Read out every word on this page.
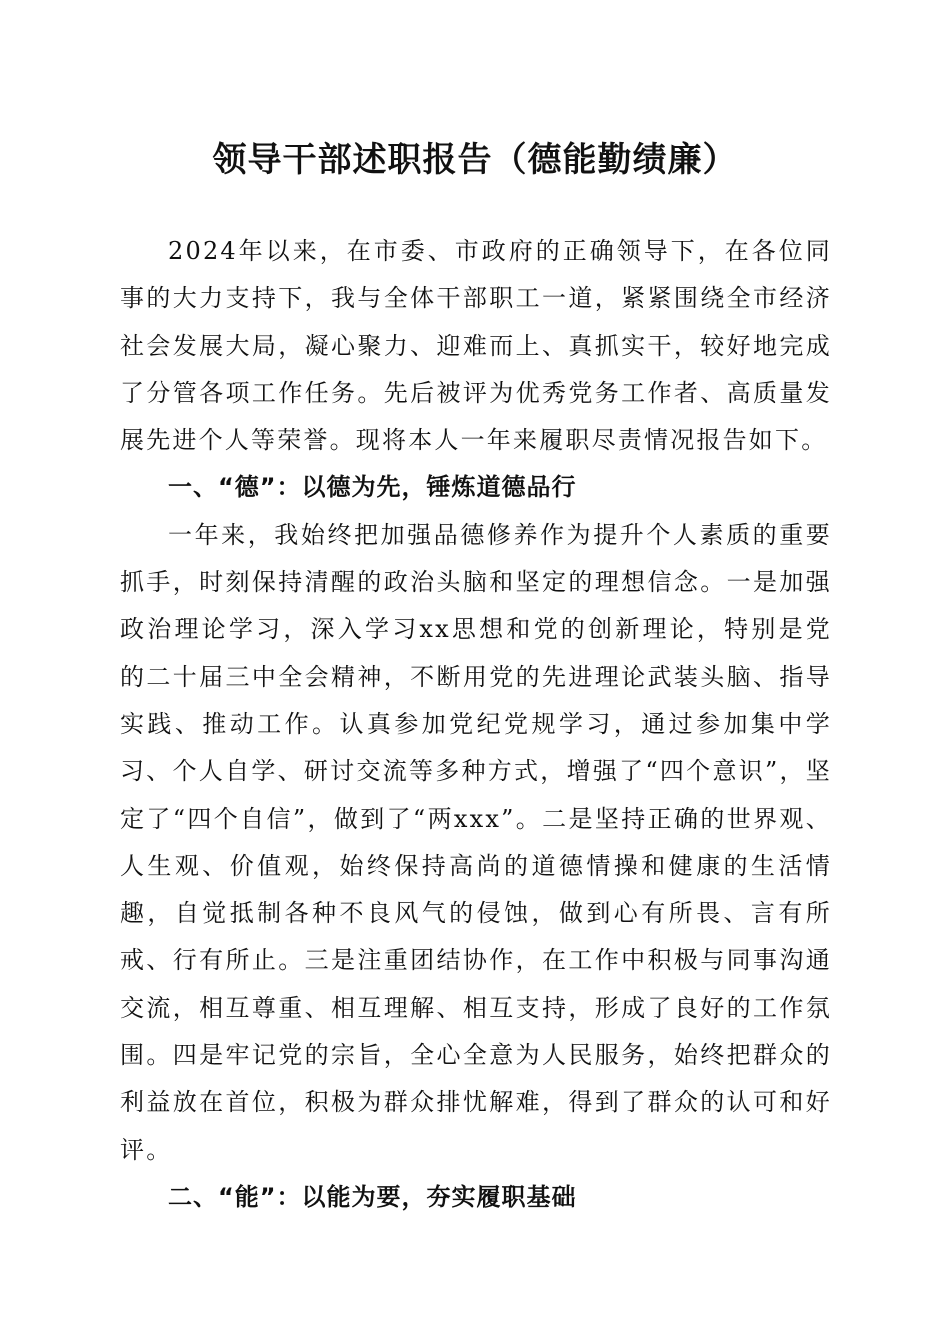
领导干部述职报告（德能勤绩廉）

2024年以来，在市委、市政府的正确领导下，在各位同事的大力支持下，我与全体干部职工一道，紧紧围绕全市经济社会发展大局，凝心聚力、迎难而上、真抓实干，较好地完成了分管各项工作任务。先后被评为优秀党务工作者、高质量发展先进个人等荣誉。现将本人一年来履职尽责情况报告如下。

一、“德”：以德为先，锤炼道德品行

一年来，我始终把加强品德修养作为提升个人素质的重要抓手，时刻保持清醒的政治头脑和坚定的理想信念。一是加强政治理论学习，深入学习xx思想和党的创新理论，特别是党的二十届三中全会精神，不断用党的先进理论武装头脑、指导实践、推动工作。认真参加党纪党规学习，通过参加集中学习、个人自学、研讨交流等多种方式，增强了“四个意识”，坚定了“四个自信”，做到了“两xxx”。二是坚持正确的世界观、人生观、价值观，始终保持高尚的道德情操和健康的生活情趣，自觉抵制各种不良风气的侵蚀，做到心有所畏、言有所戒、行有所止。三是注重团结协作，在工作中积极与同事沟通交流，相互尊重、相互理解、相互支持，形成了良好的工作氛围。四是牢记党的宗旨，全心全意为人民服务，始终把群众的利益放在首位，积极为群众排忧解难，得到了群众的认可和好评。

二、“能”：以能为要，夯实履职基础
